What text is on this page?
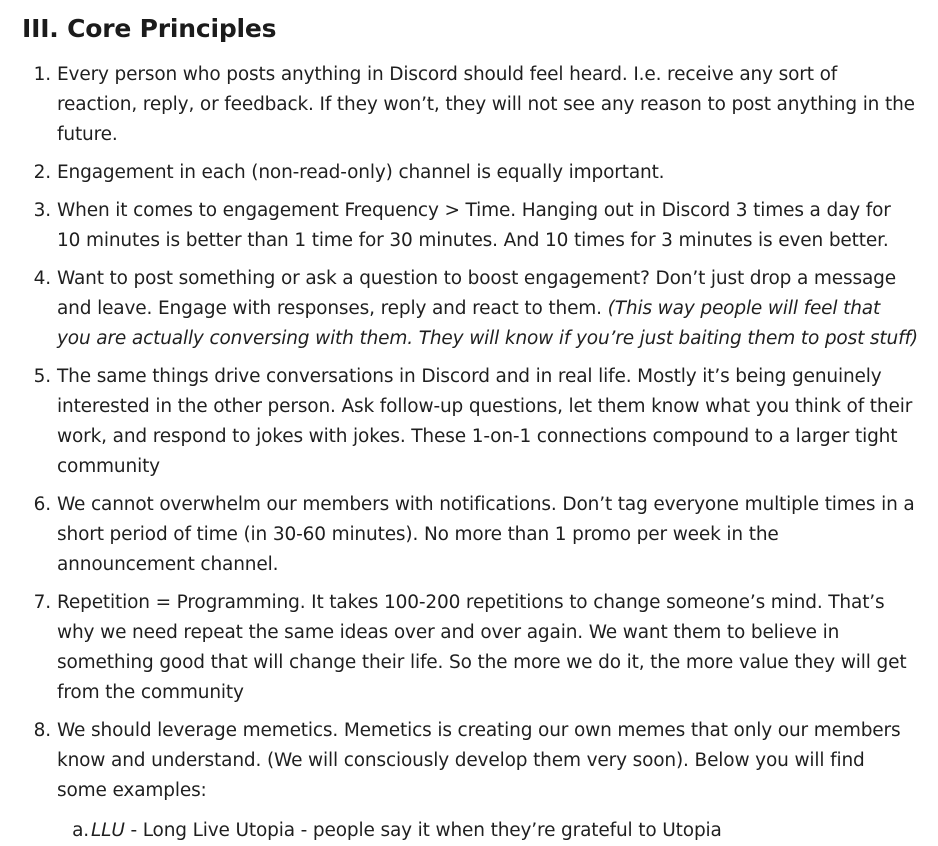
III. Core Principles
1. Every person who posts anything in Discord should feel heard. I.e. receive any sort of reaction, reply, or feedback. If they won’t, they will not see any reason to post anything in the future.
2. Engagement in each (non-read-only) channel is equally important.
3. When it comes to engagement Frequency > Time. Hanging out in Discord 3 times a day for 10 minutes is better than 1 time for 30 minutes. And 10 times for 3 minutes is even better.
4. Want to post something or ask a question to boost engagement? Don’t just drop a message and leave. Engage with responses, reply and react to them. (This way people will feel that you are actually conversing with them. They will know if you’re just baiting them to post stuff)
5. The same things drive conversations in Discord and in real life. Mostly it’s being genuinely interested in the other person. Ask follow-up questions, let them know what you think of their work, and respond to jokes with jokes. These 1-on-1 connections compound to a larger tight community
6. We cannot overwhelm our members with notifications. Don’t tag everyone multiple times in a short period of time (in 30-60 minutes). No more than 1 promo per week in the announcement channel.
7. Repetition = Programming. It takes 100-200 repetitions to change someone’s mind. That’s why we need repeat the same ideas over and over again. We want them to believe in something good that will change their life. So the more we do it, the more value they will get from the community
8. We should leverage memetics. Memetics is creating our own memes that only our members know and understand. (We will consciously develop them very soon). Below you will find some examples:
a. LLU - Long Live Utopia - people say it when they’re grateful to Utopia
